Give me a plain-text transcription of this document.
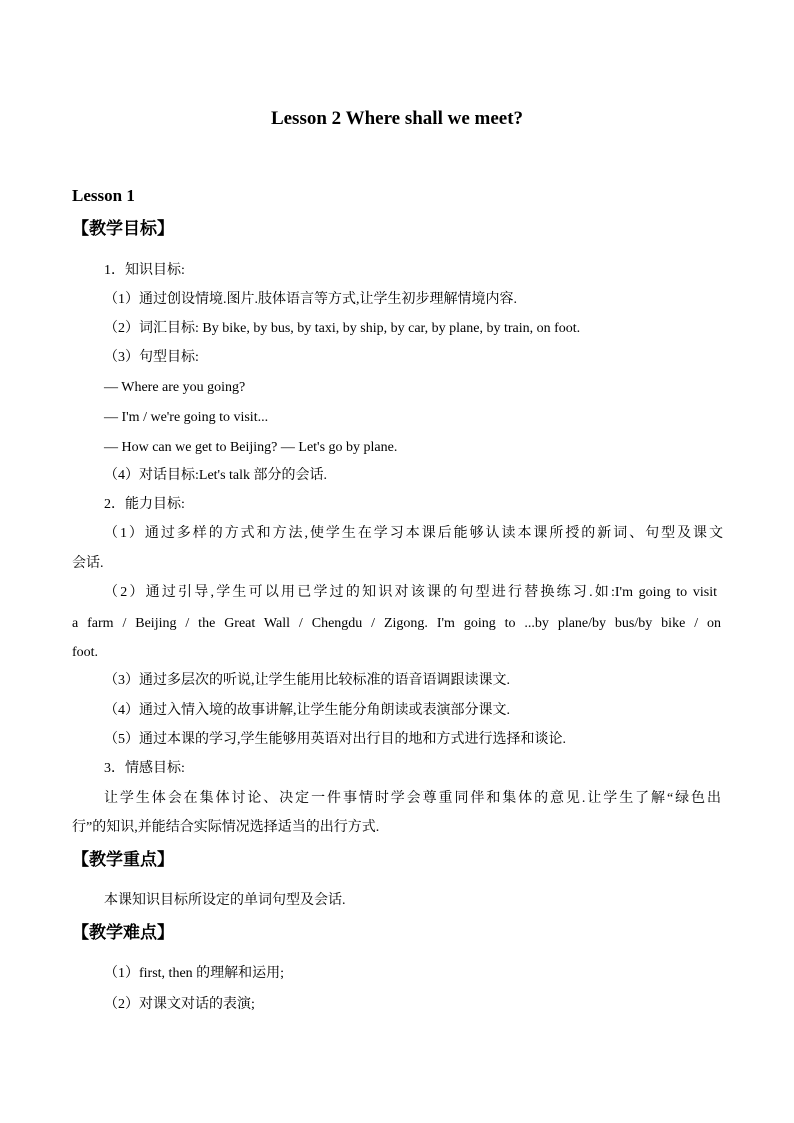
Lesson 2 Where shall we meet?
Lesson 1
【教学目标】
1．知识目标:
（1）通过创设情境.图片.肢体语言等方式,让学生初步理解情境内容.
（2）词汇目标: By bike, by bus, by taxi, by ship, by car, by plane, by train, on foot.
（3）句型目标:
— Where are you going?
— I'm / we're going to visit...
— How can we get to Beijing? — Let's go by plane.
（4）对话目标:Let's talk 部分的会话.
2．能力目标:
（1）通过多样的方式和方法,使学生在学习本课后能够认读本课所授的新词、句型及课文
会话.
（2）通过引导,学生可以用已学过的知识对该课的句型进行替换练习.如:I'm going to visit
a farm / Beijing / the Great Wall / Chengdu / Zigong. I'm going to ...by plane/by bus/by bike / on
foot.
（3）通过多层次的听说,让学生能用比较标准的语音语调跟读课文.
（4）通过入情入境的故事讲解,让学生能分角朗读或表演部分课文.
（5）通过本课的学习,学生能够用英语对出行目的地和方式进行选择和谈论.
3．情感目标:
让学生体会在集体讨论、决定一件事情时学会尊重同伴和集体的意见.让学生了解“绿色出
行”的知识,并能结合实际情况选择适当的出行方式.
【教学重点】
本课知识目标所设定的单词句型及会话.
【教学难点】
（1）first, then 的理解和运用;
（2）对课文对话的表演;
